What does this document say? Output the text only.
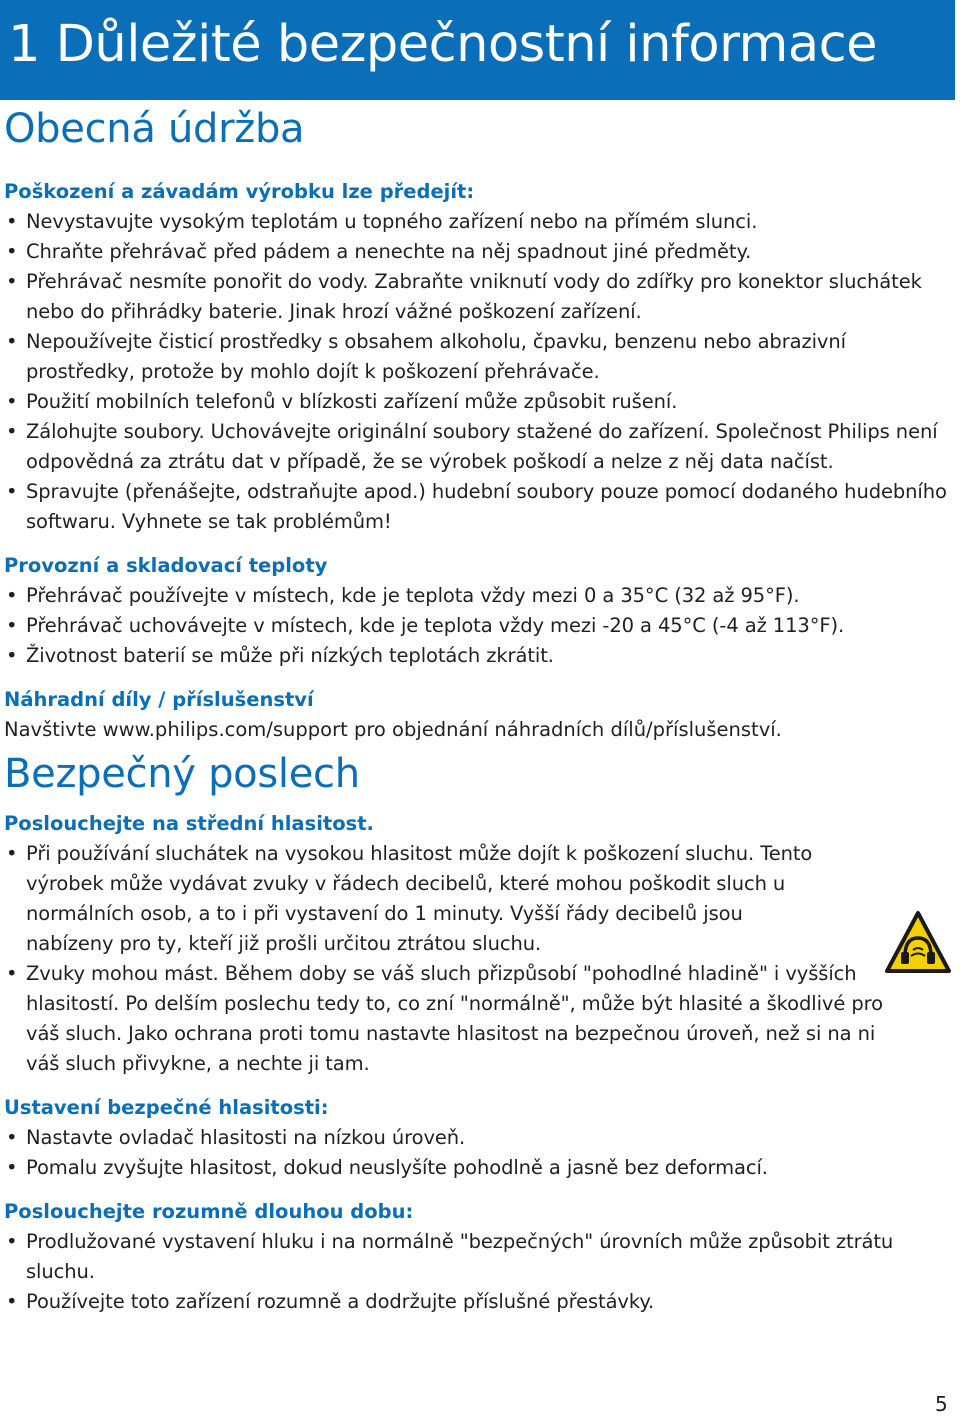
1 Důležité bezpečnostní informace
Obecná údržba
Poškození a závadám výrobku lze předejít:
• Nevystavujte vysokým teplotám u topného zařízení nebo na přímém slunci.
• Chraňte přehrávač před pádem a nenechte na něj spadnout jiné předměty.
• Přehrávač nesmíte ponořit do vody. Zabraňte vniknutí vody do zdířky pro konektor sluchátek nebo do přihrádky baterie. Jinak hrozí vážné poškození zařízení.
• Nepoužívejte čisticí prostředky s obsahem alkoholu, čpavku, benzenu nebo abrazivní prostředky, protože by mohlo dojít k poškození přehrávače.
• Použití mobilních telefonů v blízkosti zařízení může způsobit rušení.
• Zálohujte soubory. Uchovávejte originální soubory stažené do zařízení. Společnost Philips není odpovědná za ztrátu dat v případě, že se výrobek poškodí a nelze z něj data načíst.
• Spravujte (přenášejte, odstraňujte apod.) hudební soubory pouze pomocí dodaného hudebního softwaru. Vyhnete se tak problémům!
Provozní a skladovací teploty
• Přehrávač používejte v místech, kde je teplota vždy mezi 0 a 35°C (32 až 95°F).
• Přehrávač uchovávejte v místech, kde je teplota vždy mezi -20 a 45°C (-4 až 113°F).
• Životnost baterií se může při nízkých teplotách zkrátit.
Náhradní díly / příslušenství

Navštivte www.philips.com/support pro objednání náhradních dílů/příslušenství.

Bezpečný poslech
Poslouchejte na střední hlasitost.
• Při používání sluchátek na vysokou hlasitost může dojít k poškození sluchu. Tento výrobek může vydávat zvuky v řádech decibelů, které mohou poškodit sluch u normálních osob, a to i při vystavení do 1 minuty. Vyšší řády decibelů jsou nabízeny pro ty, kteří již prošli určitou ztrátou sluchu.
• Zvuky mohou mást. Během doby se váš sluch přizpůsobí "pohodlné hladině" i vyšších hlasitostí. Po delším poslechu tedy to, co zní "normálně", může být hlasité a škodlivé pro váš sluch. Jako ochrana proti tomu nastavte hlasitost na bezpečnou úroveň, než si na ni váš sluch přivykne, a nechte ji tam.
Ustavení bezpečné hlasitosti:
• Nastavte ovladač hlasitosti na nízkou úroveň.
• Pomalu zvyšujte hlasitost, dokud neuslyšíte pohodlně a jasně bez deformací.
Poslouchejte rozumně dlouhou dobu:
• Prodlužované vystavení hluku i na normálně "bezpečných" úrovních může způsobit ztrátu sluchu.
• Používejte toto zařízení rozumně a dodržujte příslušné přestávky.
5
